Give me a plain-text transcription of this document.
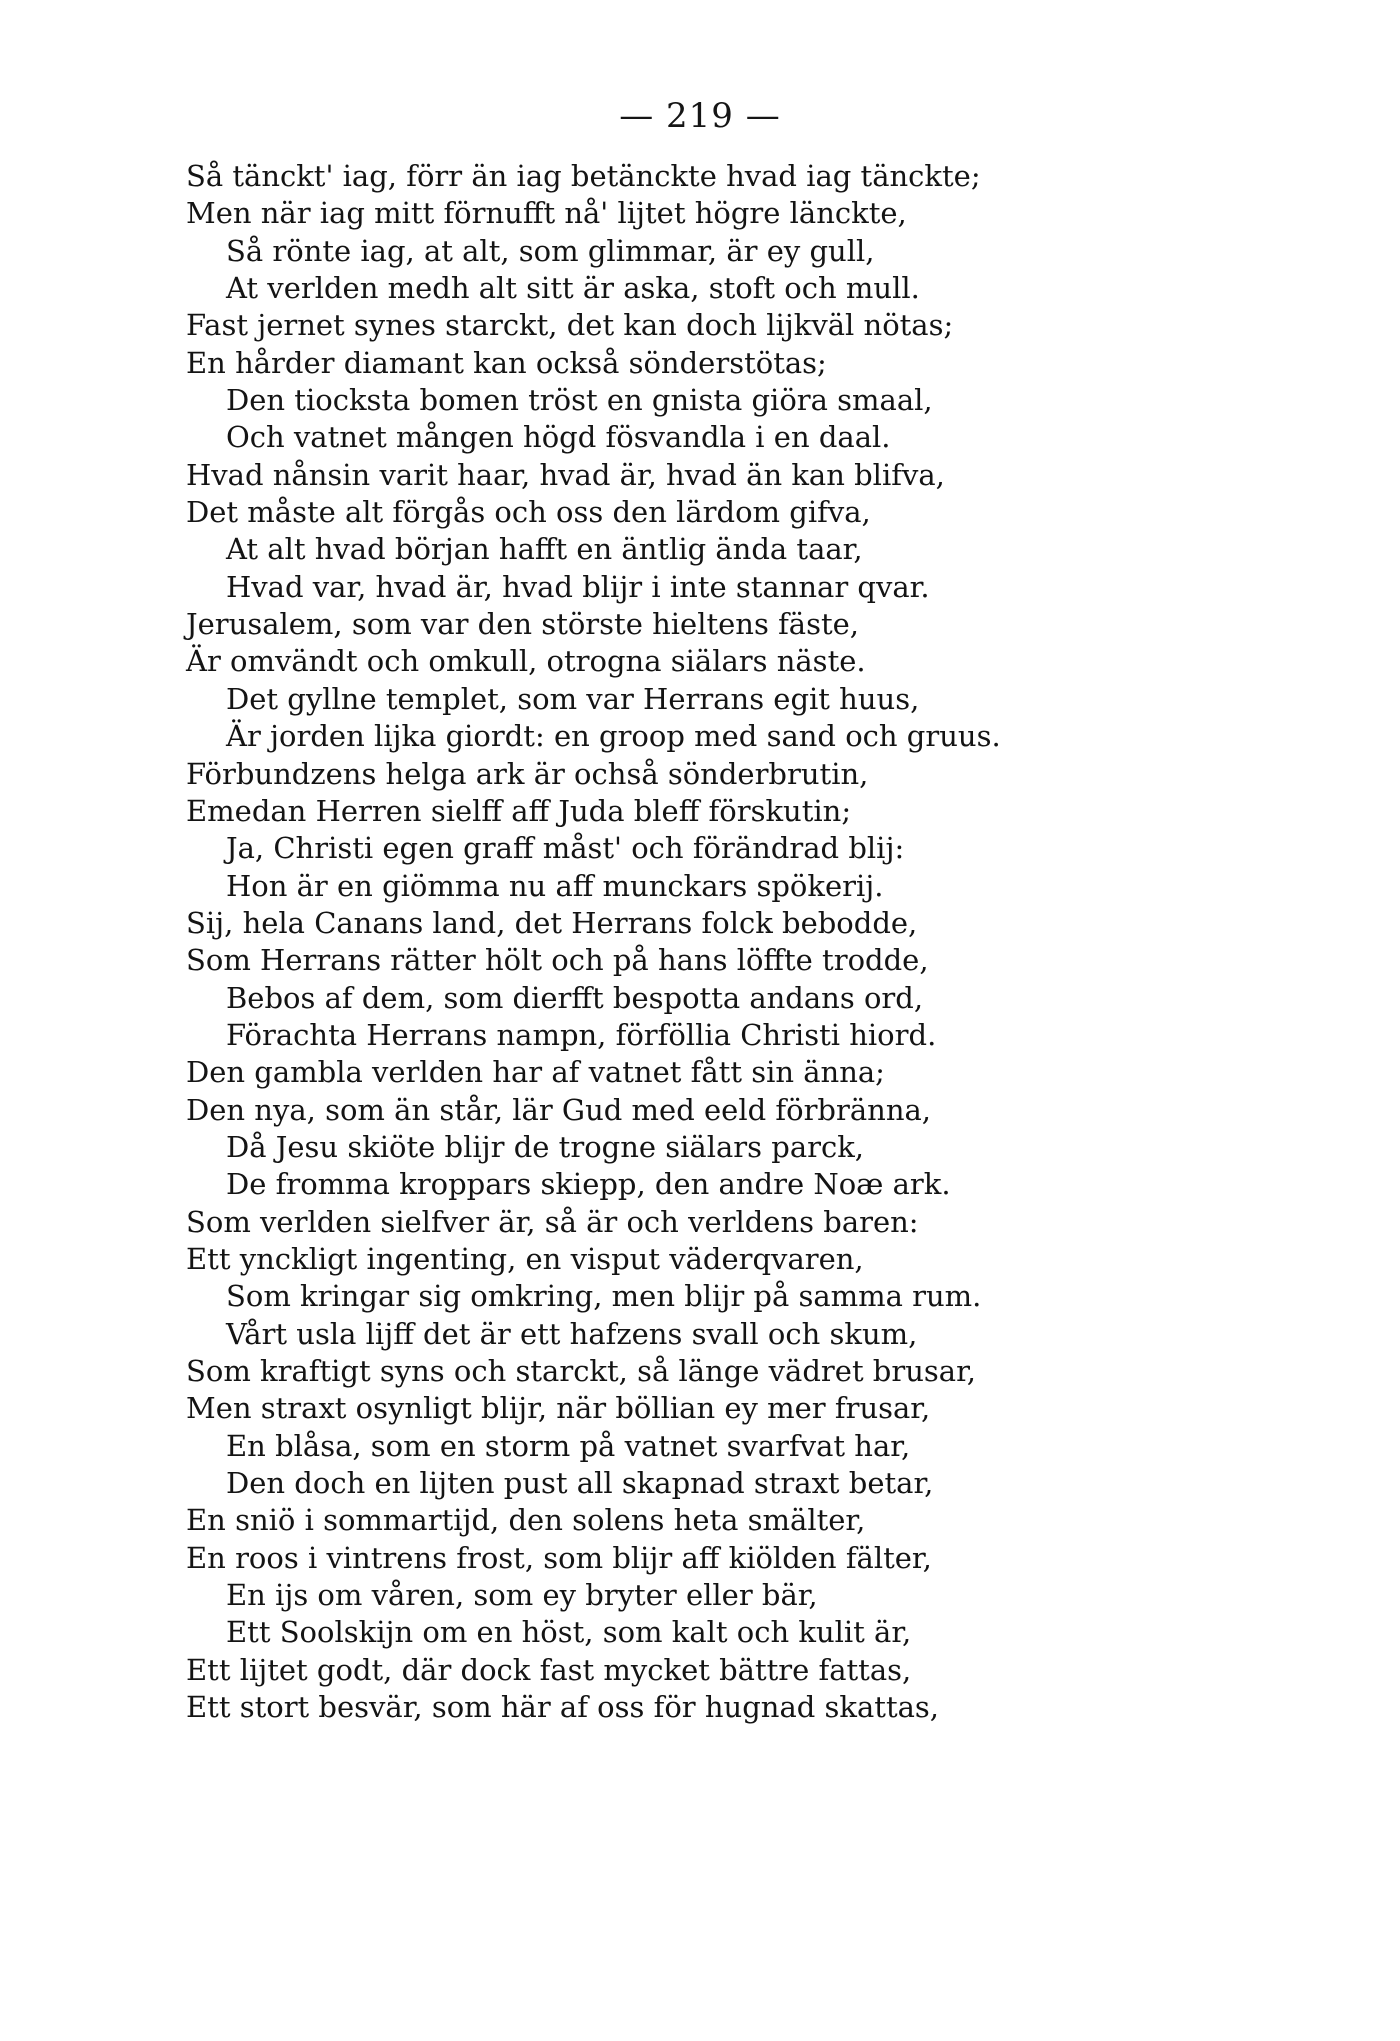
— 219 —
Så tänckt' iag, förr än iag betänckte hvad iag tänckte;
Men när iag mitt förnufft nå' lijtet högre länckte,
Så rönte iag, at alt, som glimmar, är ey gull,
At verlden medh alt sitt är aska, stoft och mull.
Fast jernet synes starckt, det kan doch lijkväl nötas;
En hårder diamant kan också sönderstötas;
Den tiocksta bomen tröst en gnista giöra smaal,
Och vatnet mången högd fösvandla i en daal.
Hvad nånsin varit haar, hvad är, hvad än kan blifva,
Det måste alt förgås och oss den lärdom gifva,
At alt hvad början hafft en äntlig ända taar,
Hvad var, hvad är, hvad blijr i inte stannar qvar.
Jerusalem, som var den störste hieltens fäste,
Är omvändt och omkull, otrogna siälars näste.
Det gyllne templet, som var Herrans egit huus,
Är jorden lijka giordt: en groop med sand och gruus.
Förbundzens helga ark är ochså sönderbrutin,
Emedan Herren sielff aff Juda bleff förskutin;
Ja, Christi egen graff måst' och förändrad blij:
Hon är en giömma nu aff munckars spökerij.
Sij, hela Canans land, det Herrans folck bebodde,
Som Herrans rätter hölt och på hans löffte trodde,
Bebos af dem, som dierfft bespotta andans ord,
Förachta Herrans nampn, förföllia Christi hiord.
Den gambla verlden har af vatnet fått sin änna;
Den nya, som än står, lär Gud med eeld förbränna,
Då Jesu skiöte blijr de trogne siälars parck,
De fromma kroppars skiepp, den andre Noæ ark.
Som verlden sielfver är, så är och verldens baren:
Ett ynckligt ingenting, en visput väderqvaren,
Som kringar sig omkring, men blijr på samma rum.
Vårt usla lijff det är ett hafzens svall och skum,
Som kraftigt syns och starckt, så länge vädret brusar,
Men straxt osynligt blijr, när böllian ey mer frusar,
En blåsa, som en storm på vatnet svarfvat har,
Den doch en lijten pust all skapnad straxt betar,
En sniö i sommartijd, den solens heta smälter,
En roos i vintrens frost, som blijr aff kiölden fälter,
En ijs om våren, som ey bryter eller bär,
Ett Soolskijn om en höst, som kalt och kulit är,
Ett lijtet godt, där dock fast mycket bättre fattas,
Ett stort besvär, som här af oss för hugnad skattas,
